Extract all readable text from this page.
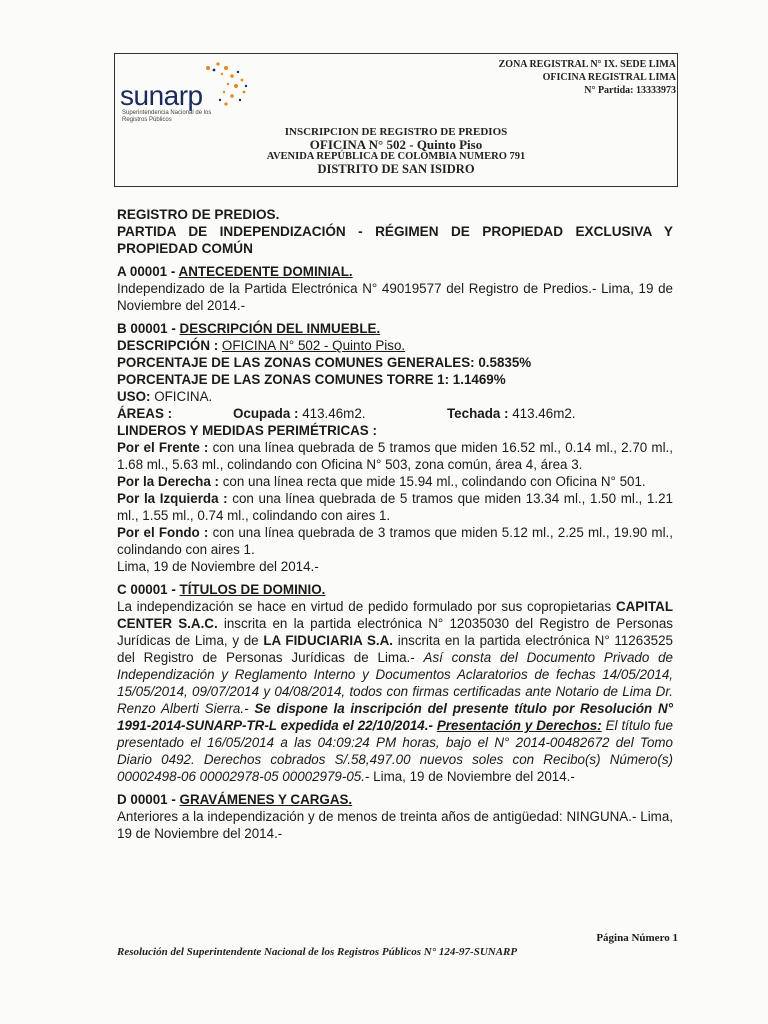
sunarp
Superintendencia Nacional de los Registros Públicos
ZONA REGISTRAL N° IX. SEDE LIMA
OFICINA REGISTRAL LIMA
N° Partida: 13333973
INSCRIPCION DE REGISTRO DE PREDIOS
OFICINA N° 502 - Quinto Piso
AVENIDA REPÚBLICA DE COLOMBIA NUMERO 791
DISTRITO DE SAN ISIDRO

REGISTRO DE PREDIOS.

PARTIDA DE INDEPENDIZACIÓN - RÉGIMEN DE PROPIEDAD EXCLUSIVA Y PROPIEDAD COMÚN

A 00001 - ANTECEDENTE DOMINIAL.

Independizado de la Partida Electrónica N° 49019577 del Registro de Predios.- Lima, 19 de Noviembre del 2014.-

B 00001 - DESCRIPCIÓN DEL INMUEBLE.

DESCRIPCIÓN : OFICINA N° 502 - Quinto Piso.

PORCENTAJE DE LAS ZONAS COMUNES GENERALES: 0.5835%

PORCENTAJE DE LAS ZONAS COMUNES TORRE 1: 1.1469%

USO: OFICINA.

ÁREAS :	Ocupada : 413.46m2.	Techada : 413.46m2.

LINDEROS Y MEDIDAS PERIMÉTRICAS :

Por el Frente : con una línea quebrada de 5 tramos que miden 16.52 ml., 0.14 ml., 2.70 ml., 1.68 ml., 5.63 ml., colindando con Oficina N° 503, zona común, área 4, área 3.

Por la Derecha : con una línea recta que mide 15.94 ml., colindando con Oficina N° 501.

Por la Izquierda : con una línea quebrada de 5 tramos que miden 13.34 ml., 1.50 ml., 1.21 ml., 1.55 ml., 0.74 ml., colindando con aires 1.

Por el Fondo : con una línea quebrada de 3 tramos que miden 5.12 ml., 2.25 ml., 19.90 ml., colindando con aires 1.

Lima, 19 de Noviembre del 2014.-

C 00001 - TÍTULOS DE DOMINIO.

La independización se hace en virtud de pedido formulado por sus copropietarias CAPITAL CENTER S.A.C. inscrita en la partida electrónica N° 12035030 del Registro de Personas Jurídicas de Lima, y de LA FIDUCIARIA S.A. inscrita en la partida electrónica N° 11263525 del Registro de Personas Jurídicas de Lima.- Así consta del Documento Privado de Independización y Reglamento Interno y Documentos Aclaratorios de fechas 14/05/2014, 15/05/2014, 09/07/2014 y 04/08/2014, todos con firmas certificadas ante Notario de Lima Dr. Renzo Alberti Sierra.- Se dispone la inscripción del presente título por Resolución N° 1991-2014-SUNARP-TR-L expedida el 22/10/2014.- Presentación y Derechos: El título fue presentado el 16/05/2014 a las 04:09:24 PM horas, bajo el N° 2014-00482672 del Tomo Diario 0492. Derechos cobrados S/.58,497.00 nuevos soles con Recibo(s) Número(s) 00002498-06 00002978-05 00002979-05.- Lima, 19 de Noviembre del 2014.-

D 00001 - GRAVÁMENES Y CARGAS.

Anteriores a la independización y de menos de treinta años de antigüedad: NINGUNA.- Lima, 19 de Noviembre del 2014.-

Página Número 1
Resolución del Superintendente Nacional de los Registros Públicos N° 124-97-SUNARP
